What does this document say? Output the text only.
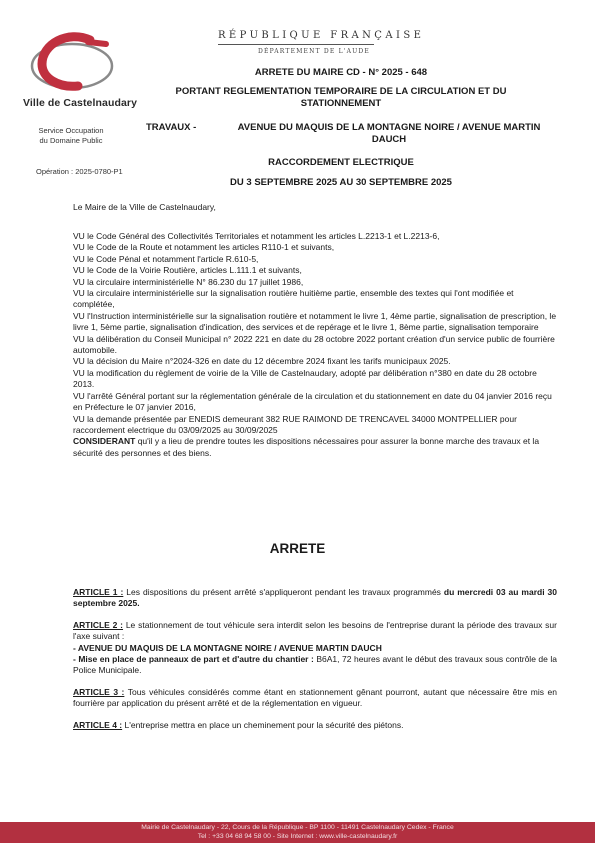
Ville de Castelnaudary
Service Occupation du Domaine Public
Opération : 2025-0780-P1
RÉPUBLIQUE FRANÇAISE
DÉPARTEMENT DE L'AUDE
ARRETE DU MAIRE CD - N° 2025 - 648
PORTANT REGLEMENTATION TEMPORAIRE DE LA CIRCULATION ET DU
STATIONNEMENT
TRAVAUX -	AVENUE DU MAQUIS DE LA MONTAGNE NOIRE / AVENUE MARTIN
DAUCH
RACCORDEMENT ELECTRIQUE
DU 3 SEPTEMBRE 2025 AU 30 SEPTEMBRE 2025
Le Maire de la Ville de Castelnaudary,

VU le Code Général des Collectivités Territoriales et notamment les articles L.2213-1 et L.2213-6,

VU le Code de la Route et notamment les articles R110-1 et suivants,

VU le Code Pénal et notamment l'article R.610-5,

VU le Code de la Voirie Routière, articles L.111.1 et suivants,

VU la circulaire interministérielle N° 86.230 du 17 juillet 1986,

VU la circulaire interministérielle sur la signalisation routière huitième partie, ensemble des textes qui l'ont modifiée et complétée,

VU l'Instruction interministérielle sur la signalisation routière et notamment le livre 1, 4ème partie, signalisation de prescription, le livre 1, 5ème partie, signalisation d'indication, des services et de repérage et le livre 1, 8ème partie, signalisation temporaire

VU la délibération du Conseil Municipal n° 2022 221 en date du 28 octobre 2022 portant création d'un service public de fourrière automobile.

VU la décision du Maire n°2024-326 en date du 12 décembre 2024 fixant les tarifs municipaux 2025.

VU la modification du règlement de voirie de la Ville de Castelnaudary, adopté par délibération n°380 en date du 28 octobre 2013.

VU l'arrêté Général portant sur la réglementation générale de la circulation et du stationnement en date du 04 janvier 2016 reçu en Préfecture le 07 janvier 2016,

VU la demande présentée par ENEDIS demeurant 382 RUE RAIMOND DE TRENCAVEL 34000 MONTPELLIER pour raccordement electrique du 03/09/2025 au 30/09/2025

CONSIDERANT qu'il y a lieu de prendre toutes les dispositions nécessaires pour assurer la bonne marche des travaux et la sécurité des personnes et des biens.

ARRETE

ARTICLE 1 : Les dispositions du présent arrêté s'appliqueront pendant les travaux programmés du mercredi 03 au mardi 30 septembre 2025.

ARTICLE 2 : Le stationnement de tout véhicule sera interdit selon les besoins de l'entreprise durant la période des travaux sur l'axe suivant :
- AVENUE DU MAQUIS DE LA MONTAGNE NOIRE / AVENUE MARTIN DAUCH
- Mise en place de panneaux de part et d'autre du chantier : B6A1, 72 heures avant le début des travaux sous contrôle de la Police Municipale.

ARTICLE 3 : Tous véhicules considérés comme étant en stationnement gênant pourront, autant que nécessaire être mis en fourrière par application du présent arrêté et de la réglementation en vigueur.

ARTICLE 4 : L'entreprise mettra en place un cheminement pour la sécurité des piétons.

Mairie de Castelnaudary - 22, Cours de la République - BP 1100 - 11491 Castelnaudary Cedex - France
Tel : +33 04 68 94 58 00 - Site Internet : www.ville-castelnaudary.fr
